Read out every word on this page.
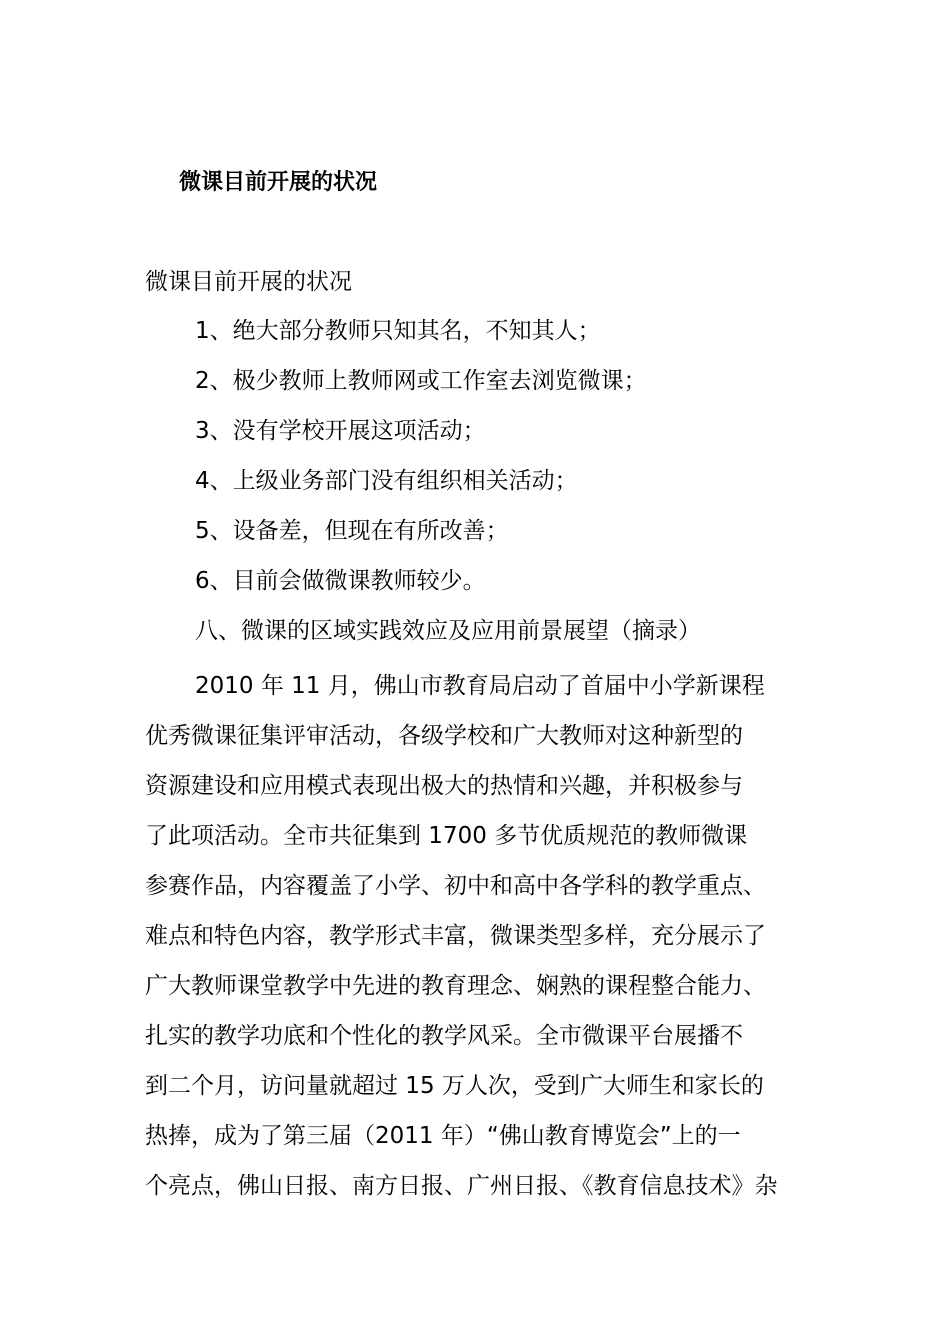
微课目前开展的状况
微课目前开展的状况
1、绝大部分教师只知其名，不知其人；
2、极少教师上教师网或工作室去浏览微课；
3、没有学校开展这项活动；
4、上级业务部门没有组织相关活动；
5、设备差，但现在有所改善；
6、目前会做微课教师较少。
八、微课的区域实践效应及应用前景展望（摘录）
2010 年 11 月，佛山市教育局启动了首届中小学新课程
优秀微课征集评审活动，各级学校和广大教师对这种新型的
资源建设和应用模式表现出极大的热情和兴趣，并积极参与
了此项活动。全市共征集到 1700 多节优质规范的教师微课
参赛作品，内容覆盖了小学、初中和高中各学科的教学重点、
难点和特色内容，教学形式丰富，微课类型多样，充分展示了
广大教师课堂教学中先进的教育理念、娴熟的课程整合能力、
扎实的教学功底和个性化的教学风采。全市微课平台展播不
到二个月，访问量就超过 15 万人次，受到广大师生和家长的
热捧，成为了第三届（2011 年）“佛山教育博览会”上的一
个亮点，佛山日报、南方日报、广州日报、《教育信息技术》杂
